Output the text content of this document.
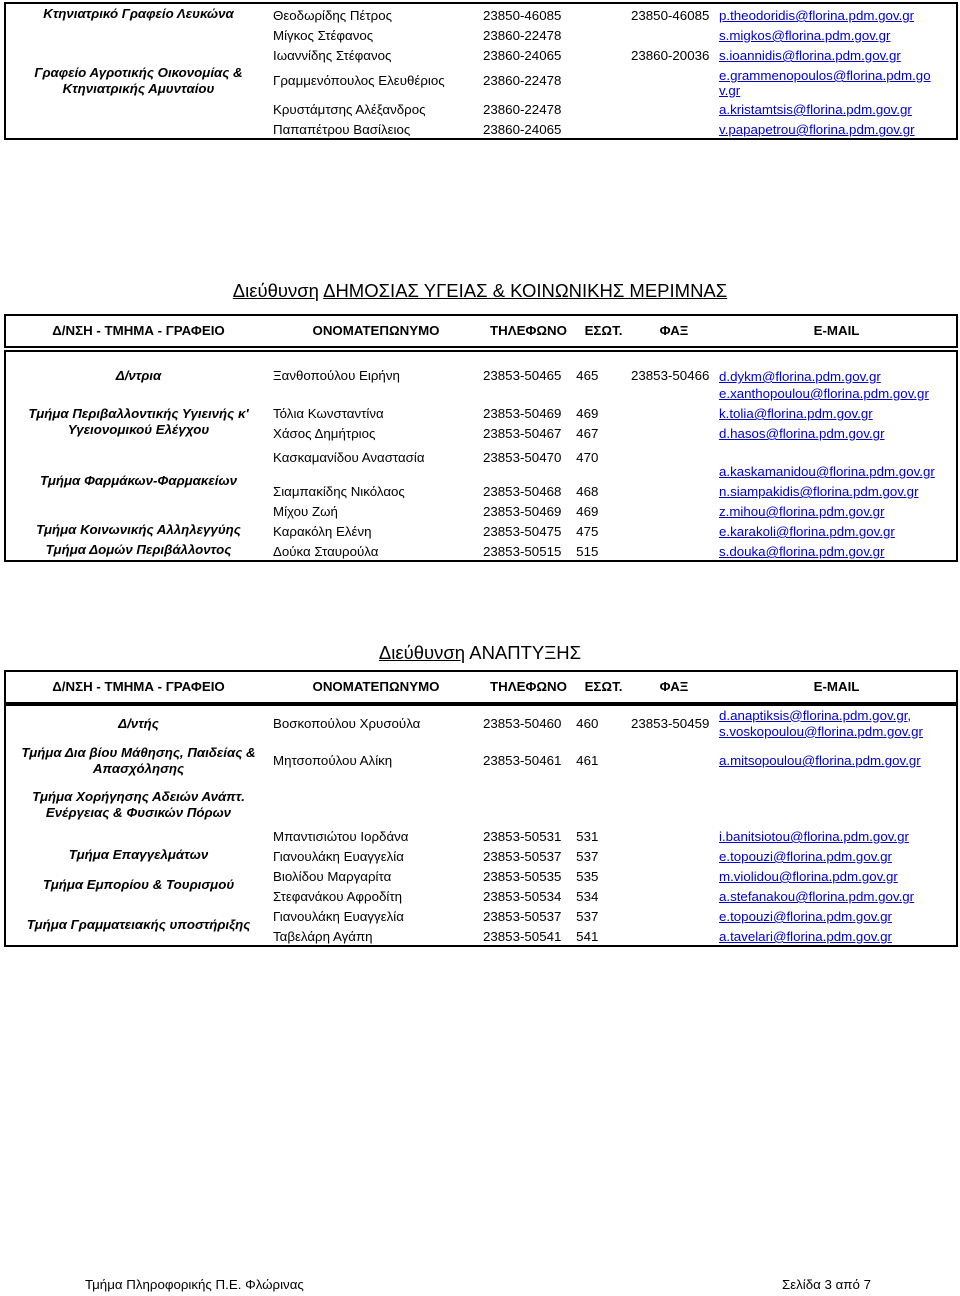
Κτηνιατρικό Γραφείο Λευκώνα	Θεοδωρίδης Πέτρος	23850-46085	23850-46085	p.theodoridis@florina.pdm.gov.gr
Γραφείο Αγροτικής Οικονομίας & Κτηνιατρικής Αμυνταίου	Μίγκος Στέφανος	23860-22478		s.migkos@florina.pdm.gov.gr
	Ιωαννίδης Στέφανος	23860-24065	23860-20036	s.ioannidis@florina.pdm.gov.gr
	Γραμμενόπουλος Ελευθέριος	23860-22478		e.grammenopoulos@florina.pdm.go
v.gr

	Κρυστάμτσης Αλέξανδρος	23860-22478		a.kristamtsis@florina.pdm.gov.gr
	Παπαπέτρου Βασίλειος	23860-24065		v.papapetrou@florina.pdm.gov.gr
Διεύθυνση ΔΗΜΟΣΙΑΣ ΥΓΕΙΑΣ & ΚΟΙΝΩΝΙΚΗΣ ΜΕΡΙΜΝΑΣ
Δ/ΝΣΗ - ΤΜΗΜΑ - ΓΡΑΦΕΙΟ	ΟΝΟΜΑΤΕΠΩΝΥΜΟ	ΤΗΛΕΦΩΝΟ	ΕΣΩΤ.	ΦΑΞ	E-MAIL
Δ/ντρια	Ξανθοπούλου Ειρήνη	23853-50465 465	23853-50466	d.dykm@florina.pdm.gov.gr
e.xanthopoulou@florina.pdm.gov.gr

Τμήμα Περιβαλλοντικής Υγιεινής κ' Υγειονομικού Ελέγχου	Τόλια Κωνσταντίνα	23853-50469 469		k.tolia@florina.pdm.gov.gr
	Χάσος Δημήτριος	23853-50467 467		d.hasos@florina.pdm.gov.gr
Τμήμα Φαρμάκων-Φαρμακείων	Κασκαμανίδου Αναστασία	23853-50470 470		a.kaskamanidou@florina.pdm.gov.gr
	Σιαμπακίδης Νικόλαος	23853-50468 468		n.siampakidis@florina.pdm.gov.gr
	Μίχου Ζωή	23853-50469 469		z.mihou@florina.pdm.gov.gr
Τμήμα Κοινωνικής Αλληλεγγύης	Καρακόλη Ελένη	23853-50475 475		e.karakoli@florina.pdm.gov.gr
Τμήμα Δομών Περιβάλλοντος	Δούκα Σταυρούλα	23853-50515 515		s.douka@florina.pdm.gov.gr
Διεύθυνση ΑΝΑΠΤΥΞΗΣ
Δ/ΝΣΗ - ΤΜΗΜΑ - ΓΡΑΦΕΙΟ	ΟΝΟΜΑΤΕΠΩΝΥΜΟ	ΤΗΛΕΦΩΝΟ	ΕΣΩΤ.	ΦΑΞ	E-MAIL
Δ/ντής	Βοσκοπούλου Χρυσούλα	23853-50460 460	23853-50459	d.anaptiksis@florina.pdm.gov.gr,
s.voskopoulou@florina.pdm.gov.gr

Τμήμα Δια βίου Μάθησης, Παιδείας & Απασχόλησης	Μητσοπούλου Αλίκη	23853-50461 461		a.mitsopoulou@florina.pdm.gov.gr
Τμήμα Χορήγησης Αδειών Ανάπτ. Ενέργειας & Φυσικών Πόρων	Μπαντισιώτου Ιορδάνα	23853-50531 531		i.banitsiotou@florina.pdm.gov.gr
Τμήμα Επαγγελμάτων	Γιανουλάκη Ευαγγελία	23853-50537 537		e.topouzi@florina.pdm.gov.gr
Τμήμα Εμπορίου & Τουρισμού	Βιολίδου Μαργαρίτα	23853-50535 535		m.violidou@florina.pdm.gov.gr
	Στεφανάκου Αφροδίτη	23853-50534 534		a.stefanakou@florina.pdm.gov.gr
Τμήμα Γραμματειακής υποστήριξης	Γιανουλάκη Ευαγγελία	23853-50537 537		e.topouzi@florina.pdm.gov.gr
	Ταβελάρη Αγάπη	23853-50541 541		a.tavelari@florina.pdm.gov.gr
Τμήμα Πληροφορικής Π.Ε. Φλώρινας	Σελίδα 3 από 7
